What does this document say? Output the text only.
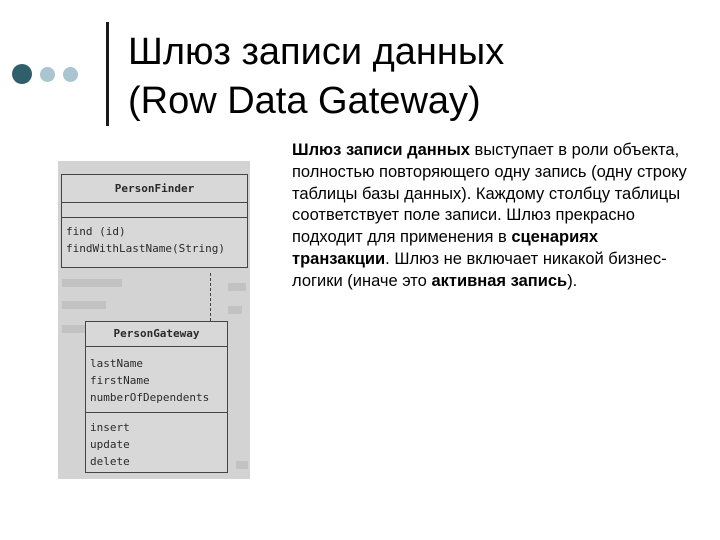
Шлюз записи данных
(Row Data Gateway)
Шлюз записи данных выступает в роли объекта, полностью повторяющего одну запись (одну строку таблицы базы данных). Каждому столбцу таблицы соответствует поле записи. Шлюз прекрасно подходит для применения в сценариях транзакции. Шлюз не включает никакой бизнес-логики (иначе это активная запись).
PersonFinder
find (id)
findWithLastName(String)
PersonGateway
lastName
firstName
numberOfDependents
insert
update
delete
